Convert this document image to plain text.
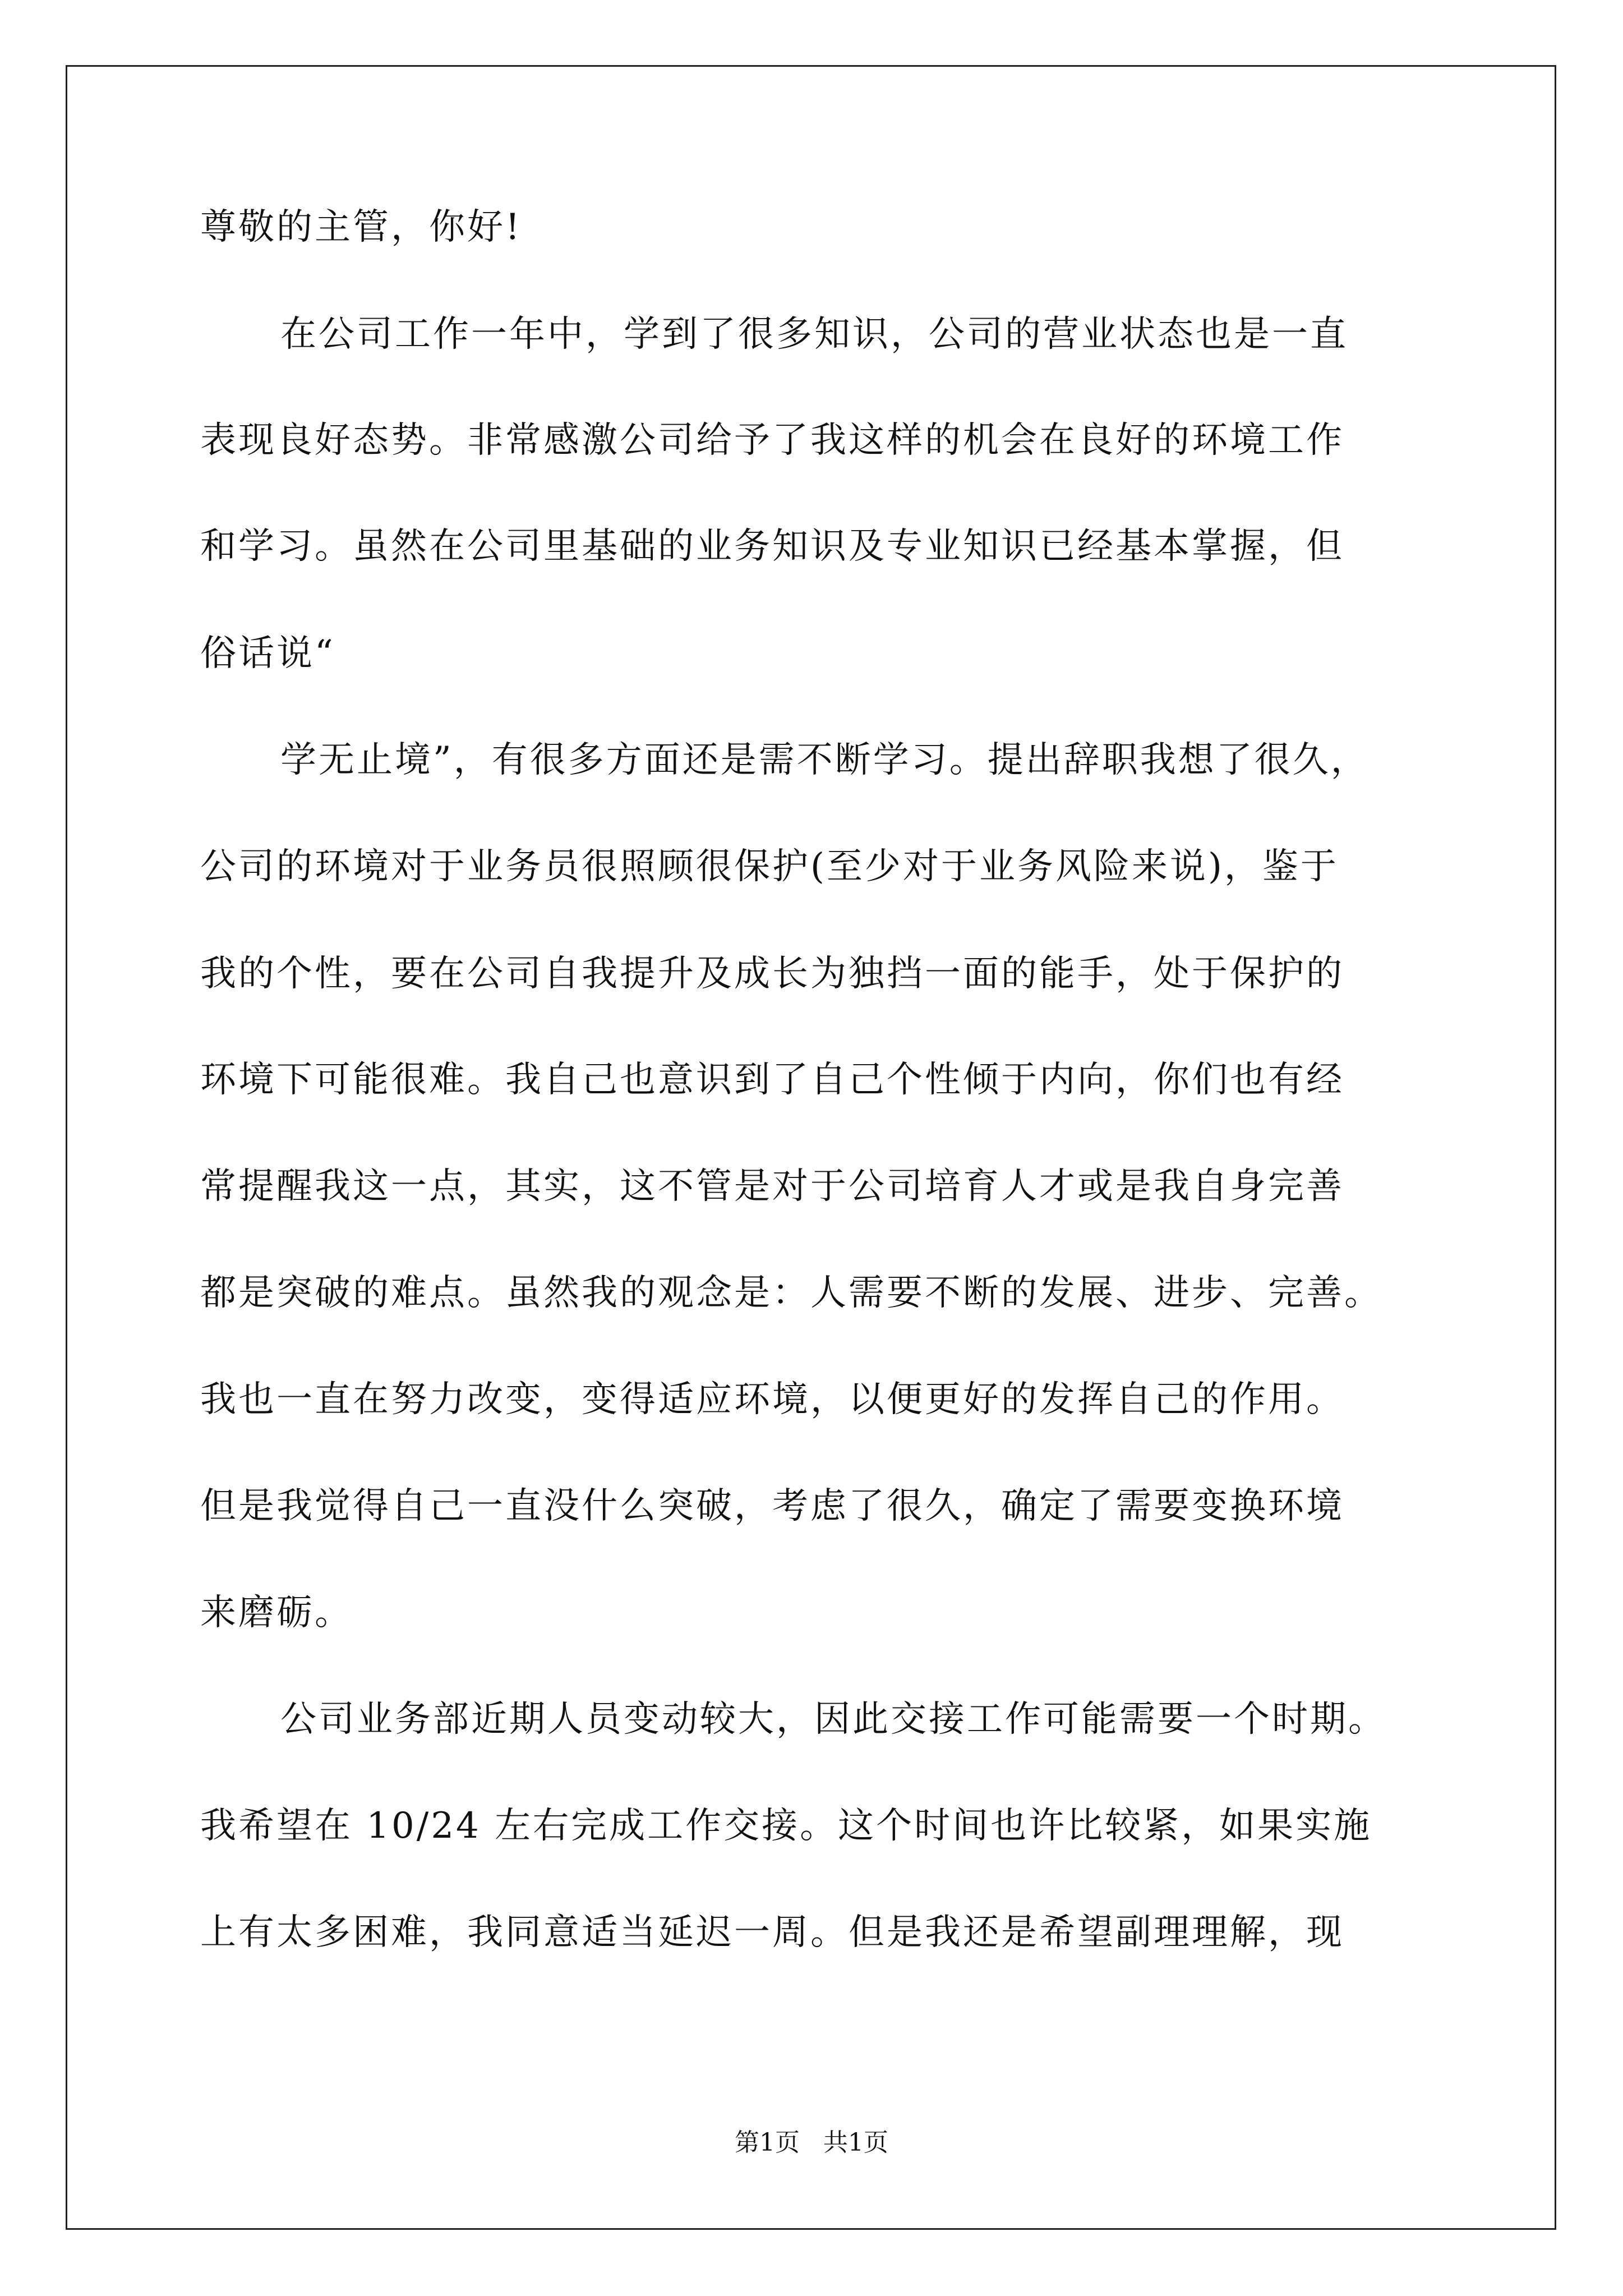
尊敬的主管，你好!
在公司工作一年中，学到了很多知识，公司的营业状态也是一直
表现良好态势。非常感激公司给予了我这样的机会在良好的环境工作
和学习。虽然在公司里基础的业务知识及专业知识已经基本掌握，但
俗话说“
学无止境”，有很多方面还是需不断学习。提出辞职我想了很久，
公司的环境对于业务员很照顾很保护(至少对于业务风险来说)，鉴于
我的个性，要在公司自我提升及成长为独挡一面的能手，处于保护的
环境下可能很难。我自己也意识到了自己个性倾于内向，你们也有经
常提醒我这一点，其实，这不管是对于公司培育人才或是我自身完善
都是突破的难点。虽然我的观念是：人需要不断的发展、进步、完善。
我也一直在努力改变，变得适应环境，以便更好的发挥自己的作用。
但是我觉得自己一直没什么突破，考虑了很久，确定了需要变换环境
来磨砺。
公司业务部近期人员变动较大，因此交接工作可能需要一个时期。
我希望在 10/24 左右完成工作交接。这个时间也许比较紧，如果实施
上有太多困难，我同意适当延迟一周。但是我还是希望副理理解，现
第1页   共1页
